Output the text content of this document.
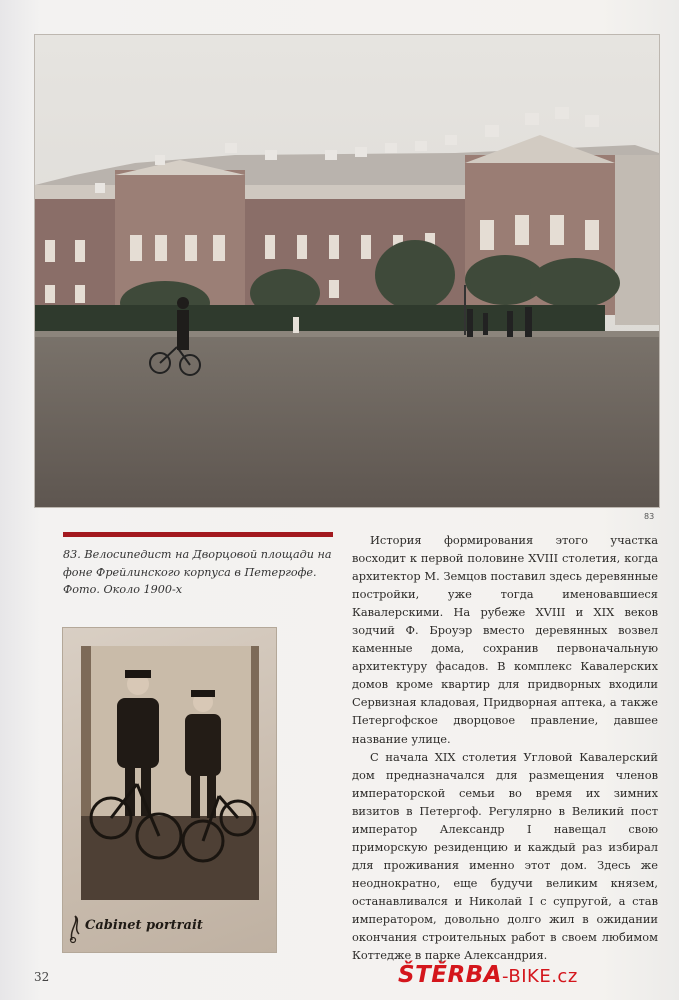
83
83. Велосипедист на Дворцовой площади на фоне Фрейлинского корпуса в Петергофе. Фото. Около 1900-х

История формирования этого участка восходит к первой половине XVIII столетия, когда архитектор М. Земцов поставил здесь деревянные постройки, уже тогда именовавшиеся Кавалерскими. На рубеже XVIII и XIX веков зодчий Ф. Броуэр вместо деревянных возвел каменные дома, сохранив первоначальную архитектуру фасадов. В комплекс Кавалерских домов кроме квартир для придворных входили Сервизная кладовая, Придворная аптека, а также Петергофское дворцовое правление, давшее название улице.

С начала XIX столетия Угловой Кавалерский дом предназначался для размещения членов императорской семьи во время их зимних визитов в Петергоф. Регулярно в Великий пост император Александр I навещал свою приморскую резиденцию и каждый раз избирал для проживания именно этот дом. Здесь же неоднократно, еще будучи великим князем, останавливался и Николай I с супругой, а став императором, довольно долго жил в ожидании окончания строительных работ в своем любимом Коттедже в парке Александрия.

Cabinet portrait
32	ŠTĚRBA-BIKE.cz
